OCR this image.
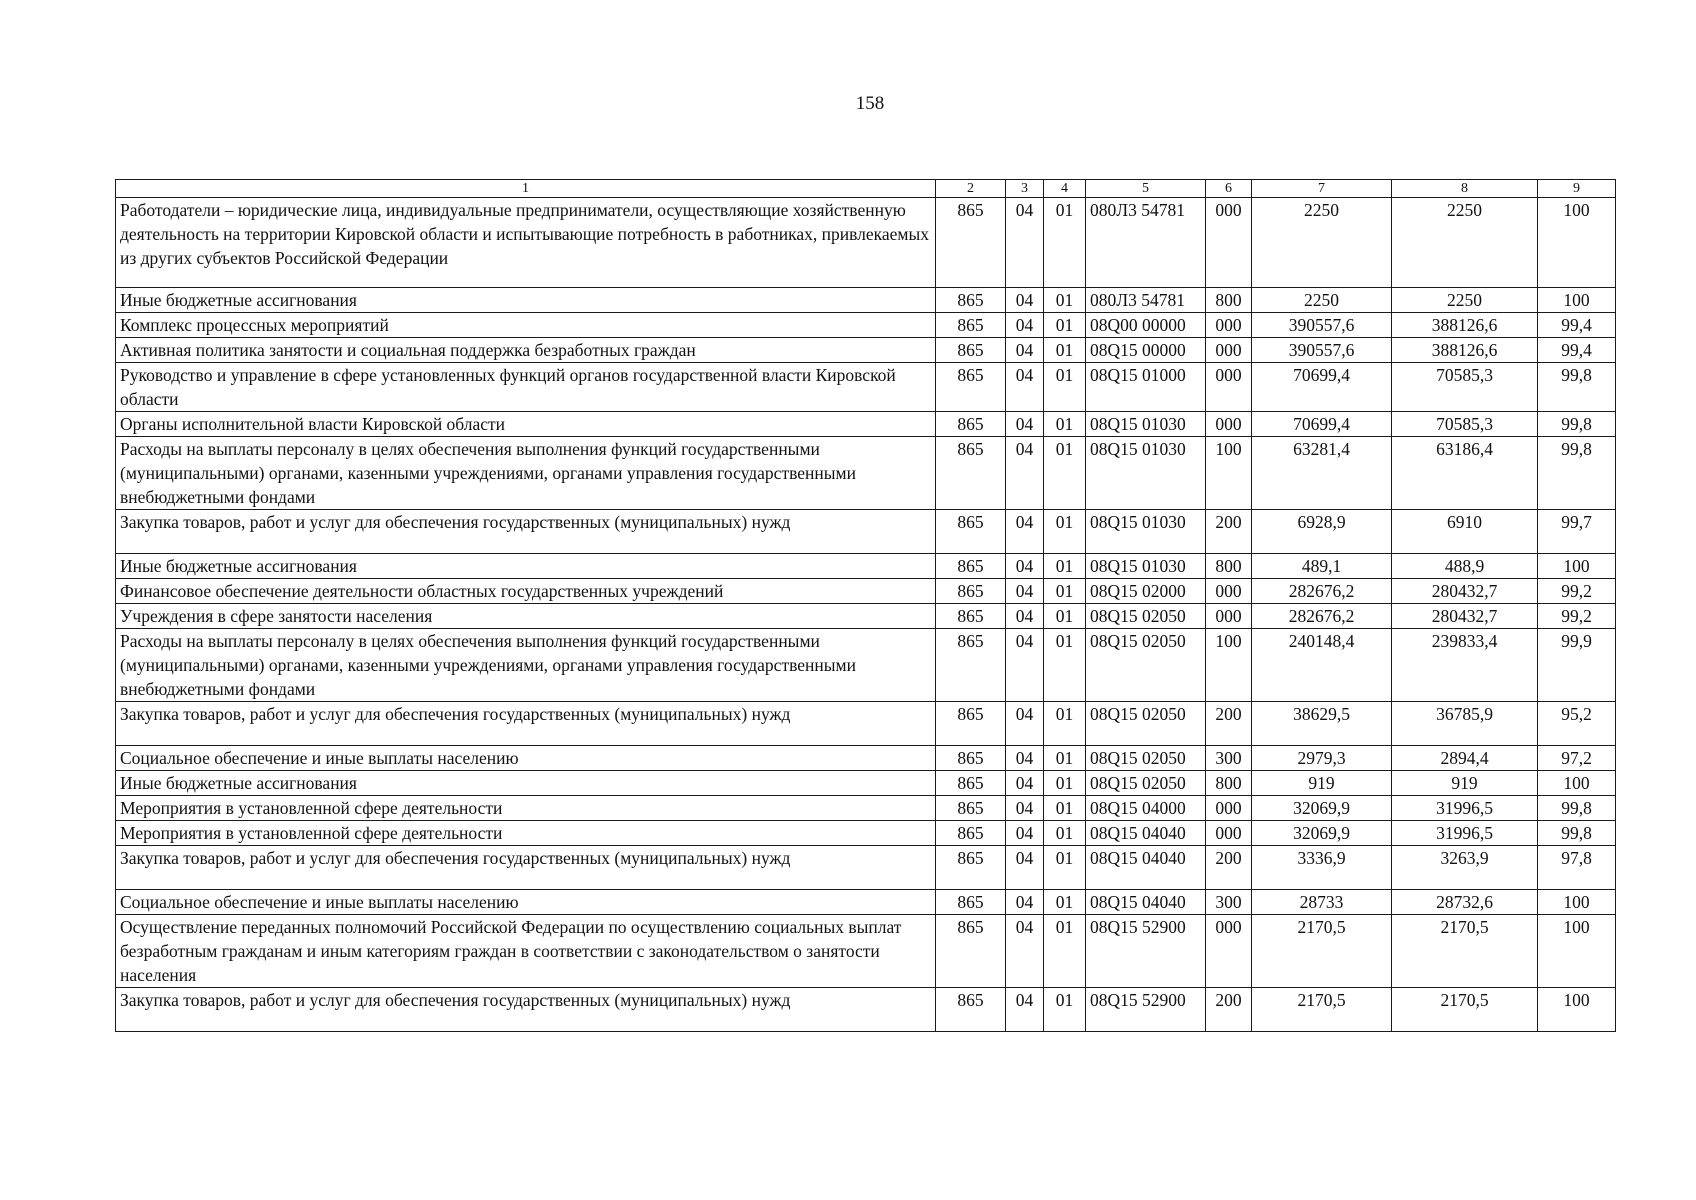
158
1	2	3	4	5	6	7	8	9
Работодатели – юридические лица, индивидуальные предприниматели, осуществляющие хозяйственную деятельность на территории Кировской области и испытывающие потребность в работниках, привлекаемых из других субъектов Российской Федерации	865	04	01	080Л3 54781	000	2250	2250	100
Иные бюджетные ассигнования	865	04	01	080Л3 54781	800	2250	2250	100
Комплекс процессных мероприятий	865	04	01	08Q00 00000	000	390557,6	388126,6	99,4
Активная политика занятости и социальная поддержка безработных граждан	865	04	01	08Q15 00000	000	390557,6	388126,6	99,4
Руководство и управление в сфере установленных функций органов государственной власти Кировской области	865	04	01	08Q15 01000	000	70699,4	70585,3	99,8
Органы исполнительной власти Кировской области	865	04	01	08Q15 01030	000	70699,4	70585,3	99,8
Расходы на выплаты персоналу в целях обеспечения выполнения функций государственными (муниципальными) органами, казенными учреждениями, органами управления государственными внебюджетными фондами	865	04	01	08Q15 01030	100	63281,4	63186,4	99,8
Закупка товаров, работ и услуг для обеспечения государственных (муниципальных) нужд	865	04	01	08Q15 01030	200	6928,9	6910	99,7
Иные бюджетные ассигнования	865	04	01	08Q15 01030	800	489,1	488,9	100
Финансовое обеспечение деятельности областных государственных учреждений	865	04	01	08Q15 02000	000	282676,2	280432,7	99,2
Учреждения в сфере занятости населения	865	04	01	08Q15 02050	000	282676,2	280432,7	99,2
Расходы на выплаты персоналу в целях обеспечения выполнения функций государственными (муниципальными) органами, казенными учреждениями, органами управления государственными внебюджетными фондами	865	04	01	08Q15 02050	100	240148,4	239833,4	99,9
Закупка товаров, работ и услуг для обеспечения государственных (муниципальных) нужд	865	04	01	08Q15 02050	200	38629,5	36785,9	95,2
Социальное обеспечение и иные выплаты населению	865	04	01	08Q15 02050	300	2979,3	2894,4	97,2
Иные бюджетные ассигнования	865	04	01	08Q15 02050	800	919	919	100
Мероприятия в установленной сфере деятельности	865	04	01	08Q15 04000	000	32069,9	31996,5	99,8
Мероприятия в установленной сфере деятельности	865	04	01	08Q15 04040	000	32069,9	31996,5	99,8
Закупка товаров, работ и услуг для обеспечения государственных (муниципальных) нужд	865	04	01	08Q15 04040	200	3336,9	3263,9	97,8
Социальное обеспечение и иные выплаты населению	865	04	01	08Q15 04040	300	28733	28732,6	100
Осуществление переданных полномочий Российской Федерации по осуществлению социальных выплат безработным гражданам и иным категориям граждан в соответствии с законодательством о занятости населения	865	04	01	08Q15 52900	000	2170,5	2170,5	100
Закупка товаров, работ и услуг для обеспечения государственных (муниципальных) нужд	865	04	01	08Q15 52900	200	2170,5	2170,5	100
